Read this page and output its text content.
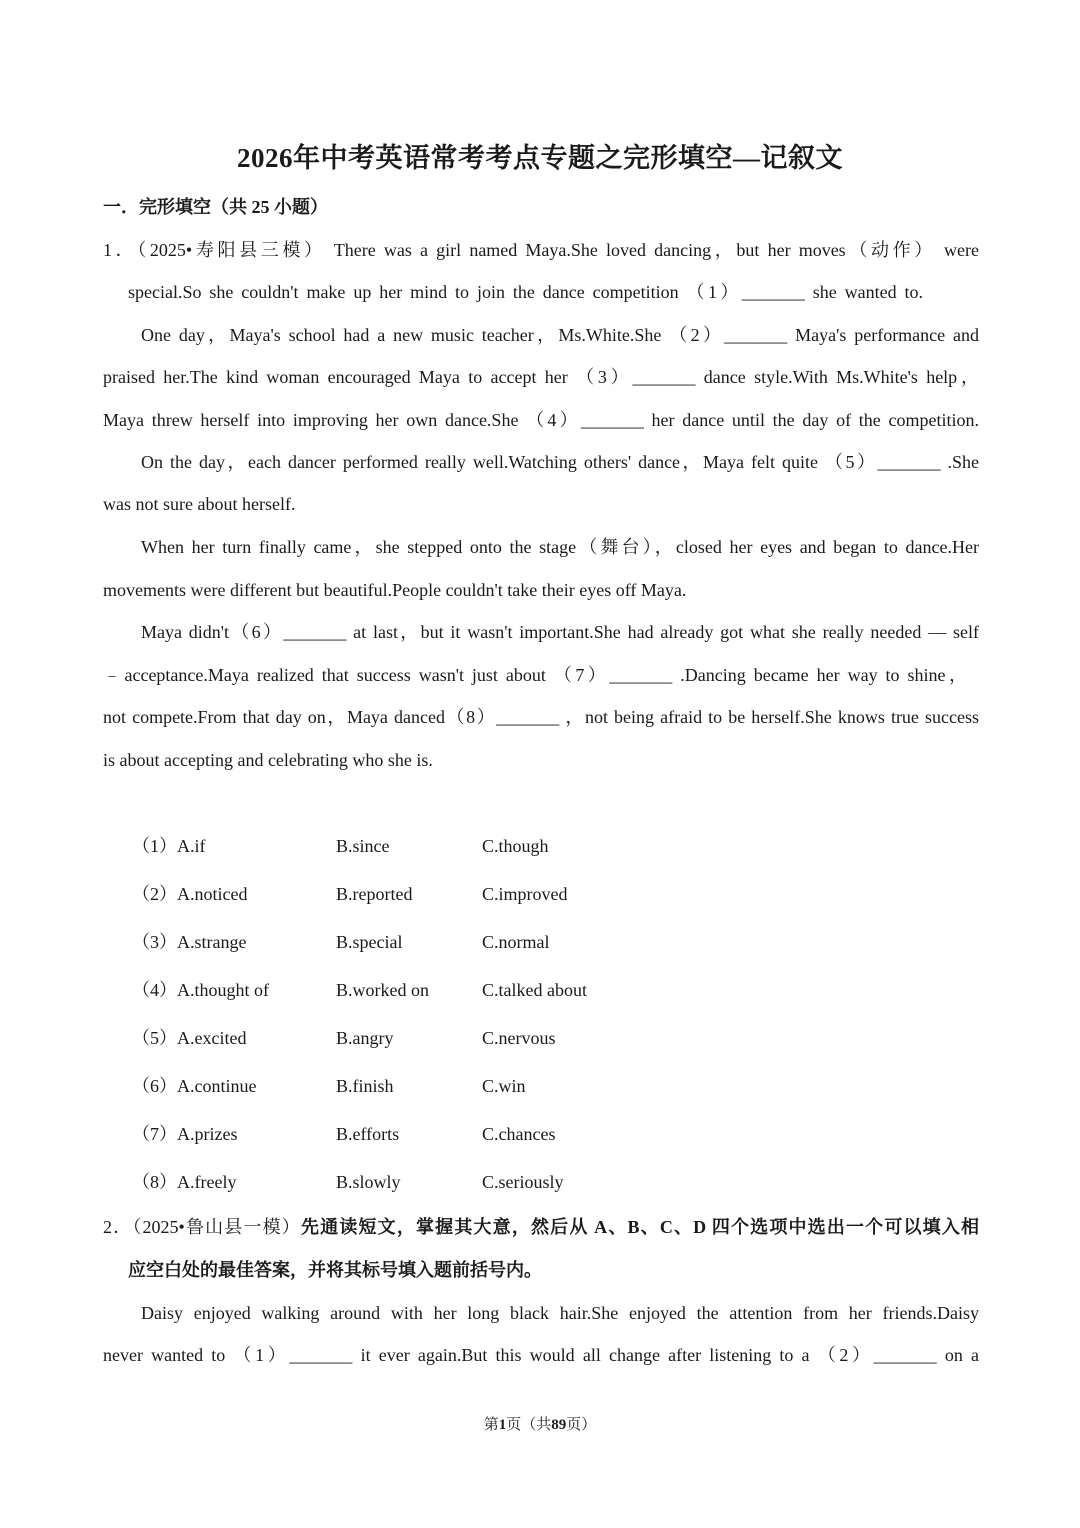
2026年中考英语常考考点专题之完形填空—记叙文
一．完形填空（共 25 小题）
1．（2025•寿阳县三模） There was a girl named Maya.She loved dancing，but her moves（动作） were
special.So she couldn't make up her mind to join the dance competition （1）_______ she wanted to.
One day，Maya's school had a new music teacher，Ms.White.She （2）_______ Maya's performance and
praised her.The kind woman encouraged Maya to accept her （3）_______ dance style.With Ms.White's help，
Maya threw herself into improving her own dance.She （4）_______ her dance until the day of the competition.
On the day，each dancer performed really well.Watching others' dance，Maya felt quite （5）_______ .She
was not sure about herself.
When her turn finally came，she stepped onto the stage（舞台），closed her eyes and began to dance.Her
movements were different but beautiful.People couldn't take their eyes off Maya.
Maya didn't（6）_______ at last，but it wasn't important.She had already got what she really needed — self
﹣acceptance.Maya realized that success wasn't just about （7）_______ .Dancing became her way to shine，
not compete.From that day on，Maya danced（8）_______ ，not being afraid to be herself.She knows true success
is about accepting and celebrating who she is.
（1）A.if	B.since	C.though
（2）A.noticed	B.reported	C.improved
（3）A.strange	B.special	C.normal
（4）A.thought of	B.worked on	C.talked about
（5）A.excited	B.angry	C.nervous
（6）A.continue	B.finish	C.win
（7）A.prizes	B.efforts	C.chances
（8）A.freely	B.slowly	C.seriously
2．（2025•鲁山县一模）先通读短文，掌握其大意，然后从 A、B、C、D 四个选项中选出一个可以填入相
应空白处的最佳答案，并将其标号填入题前括号内。
Daisy enjoyed walking around with her long black hair.She enjoyed the attention from her friends.Daisy
never wanted to （1）_______ it ever again.But this would all change after listening to a （2）_______ on a
第1页（共89页）
